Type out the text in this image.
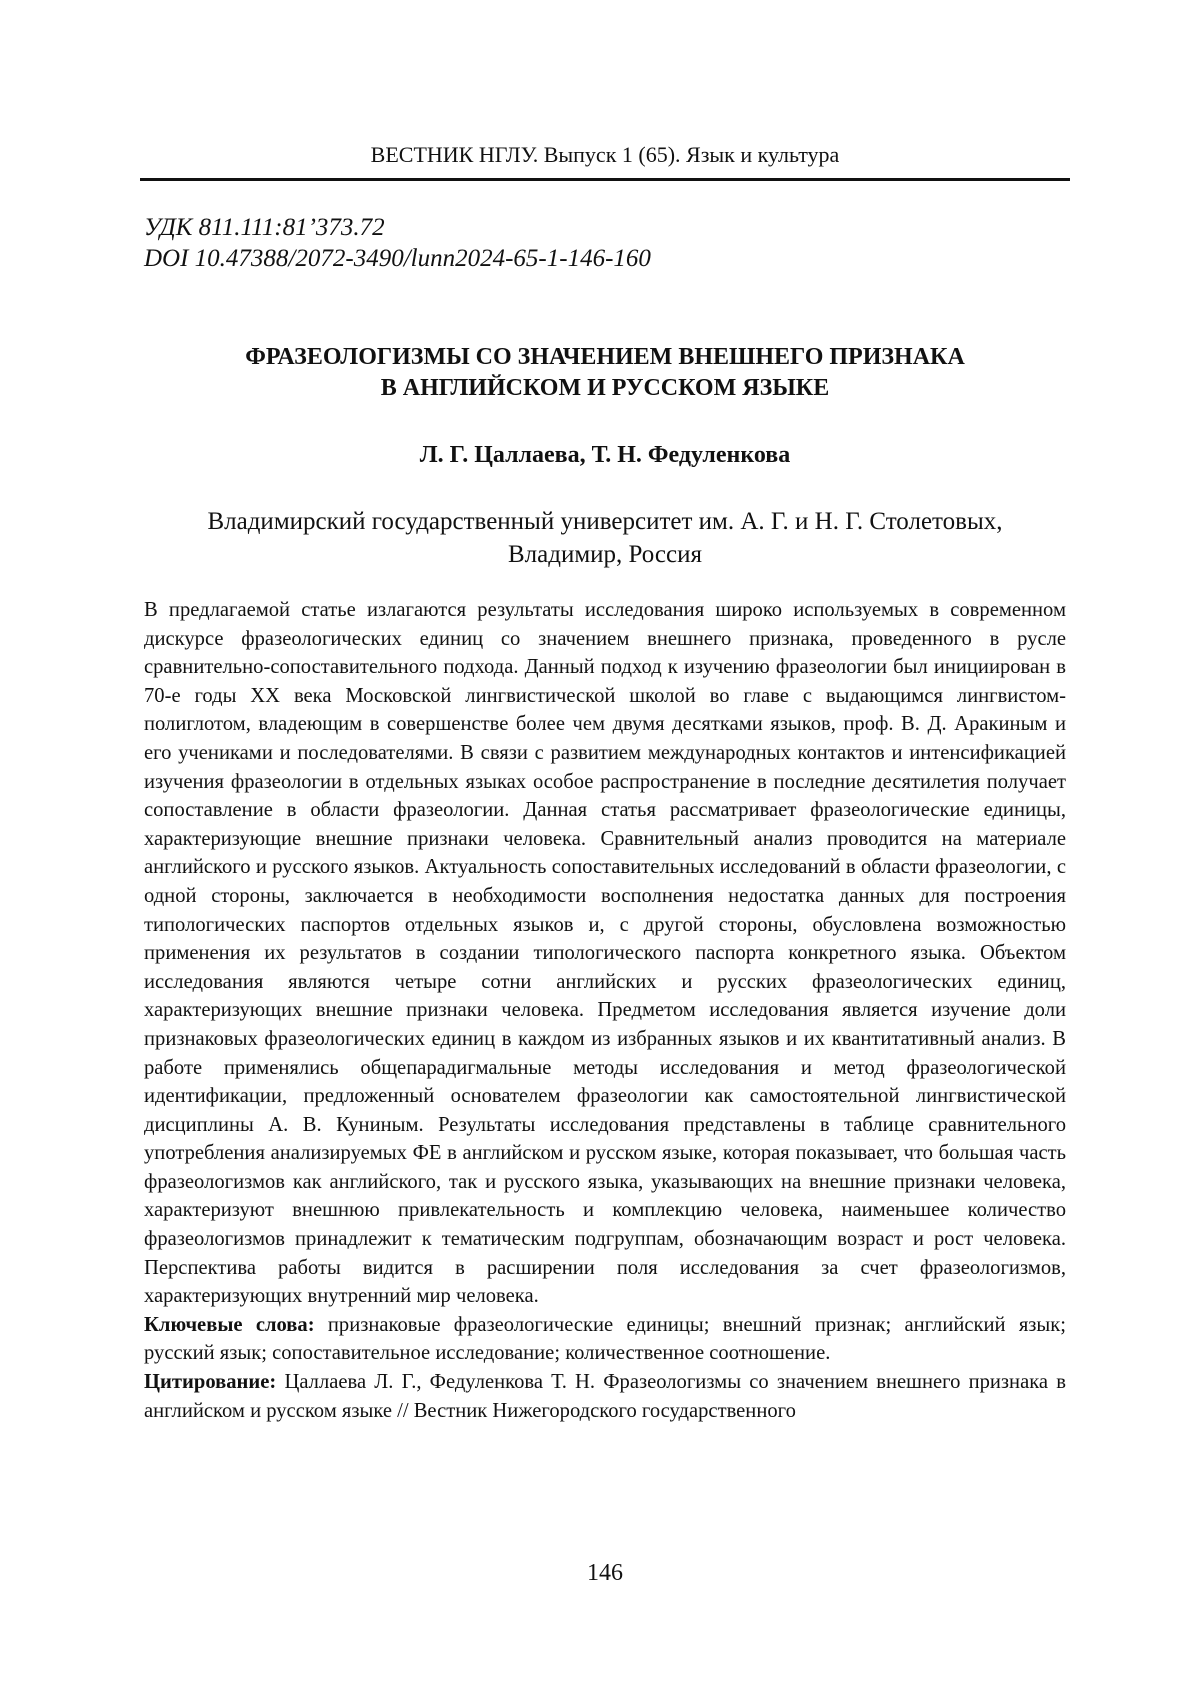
ВЕСТНИК НГЛУ. Выпуск 1 (65). Язык и культура
УДК 811.111:81’373.72
DOI 10.47388/2072-3490/lunn2024-65-1-146-160
ФРАЗЕОЛОГИЗМЫ СО ЗНАЧЕНИЕМ ВНЕШНЕГО ПРИЗНАКА
В АНГЛИЙСКОМ И РУССКОМ ЯЗЫКЕ
Л. Г. Цаллаева, Т. Н. Федуленкова
Владимирский государственный университет им. А. Г. и Н. Г. Столетовых,
Владимир, Россия

В предлагаемой статье излагаются результаты исследования широко используемых в современном дискурсе фразеологических единиц со значением внешнего признака, проведенного в русле сравнительно-сопоставительного подхода. Данный подход к изучению фразеологии был инициирован в 70-е годы XX века Московской лингвистической школой во главе с выдающимся лингвистом-полиглотом, владеющим в совершенстве более чем двумя десятками языков, проф. В. Д. Аракиным и его учениками и последователями. В связи с развитием международных контактов и интенсификацией изучения фразеологии в отдельных языках особое распространение в последние десятилетия получает сопоставление в области фразеологии. Данная статья рассматривает фразеологические единицы, характеризующие внешние признаки человека. Сравнительный анализ проводится на материале английского и русского языков. Актуальность сопоставительных исследований в области фразеологии, с одной стороны, заключается в необходимости восполнения недостатка данных для построения типологических паспортов отдельных языков и, с другой стороны, обусловлена возможностью применения их результатов в создании типологического паспорта конкретного языка. Объектом исследования являются четыре сотни английских и русских фразеологических единиц, характеризующих внешние признаки человека. Предметом исследования является изучение доли признаковых фразеологических единиц в каждом из избранных языков и их квантитативный анализ. В работе применялись общепарадигмальные методы исследования и метод фразеологической идентификации, предложенный основателем фразеологии как самостоятельной лингвистической дисциплины А. В. Куниным. Результаты исследования представлены в таблице сравнительного употребления анализируемых ФЕ в английском и русском языке, которая показывает, что большая часть фразеологизмов как английского, так и русского языка, указывающих на внешние признаки человека, характеризуют внешнюю привлекательность и комплекцию человека, наименьшее количество фразеологизмов принадлежит к тематическим подгруппам, обозначающим возраст и рост человека. Перспектива работы видится в расширении поля исследования за счет фразеологизмов, характеризующих внутренний мир человека.

Ключевые слова: признаковые фразеологические единицы; внешний признак; английский язык; русский язык; сопоставительное исследование; количественное соотношение.

Цитирование: Цаллаева Л. Г., Федуленкова Т. Н. Фразеологизмы со значением внешнего признака в английском и русском языке // Вестник Нижегородского государственного

146
